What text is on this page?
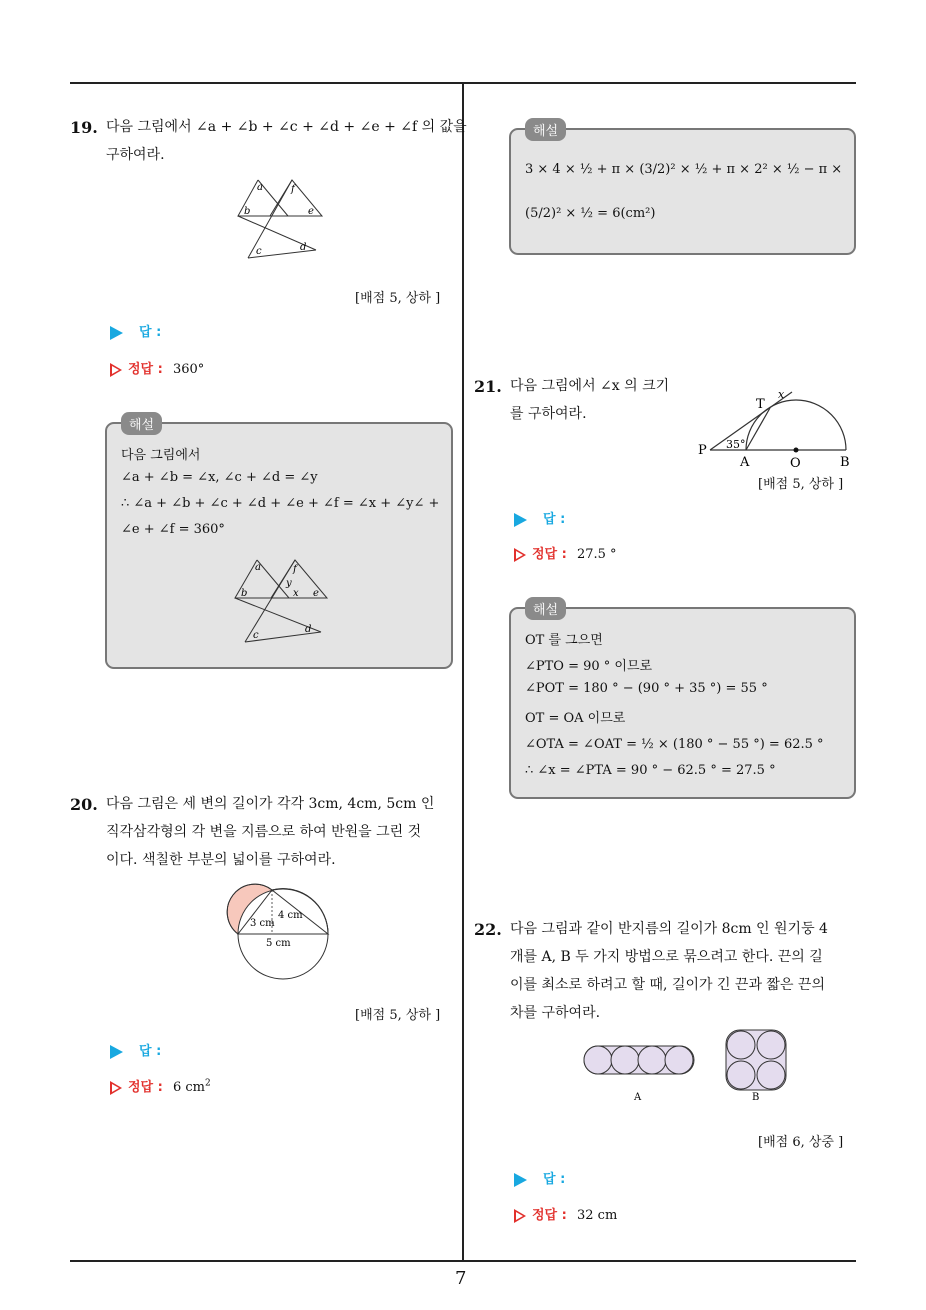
7
19. 다음 그림에서 ∠a + ∠b + ∠c + ∠d + ∠e + ∠f 의 값을
구하여라.
a	f
b	e
c	d
[배점 5, 상하 ]
답 :
정답 : 360°
해설
다음 그림에서
∠a + ∠b = ∠x, ∠c + ∠d = ∠y
∴ ∠a + ∠b + ∠c + ∠d + ∠e + ∠f = ∠x + ∠y∠ +
∠e + ∠f = 360°
a	f
y
b	x e
c
d
20. 다음 그림은 세 변의 길이가 각각 3cm, 4cm, 5cm 인
직각삼각형의 각 변을 지름으로 하여 반원을 그린 것
이다. 색칠한 부분의 넓이를 구하여라.
4 cm
3 cm
5 cm
[배점 5, 상하 ]
답 :
정답 : 6 $cm^2$
해설
3 × 4 × ½ + π × (3/2)² × ½ + π × 2² × ½ − π ×
(5/2)² × ½ = 6(cm²)
21. 다음 그림에서 ∠x 의 크기
를 구하여라.
T
x
P 35°
A	O	B
[배점 5, 상하 ]
답 :
정답 : 27.5 °
해설
OT 를 그으면
∠PTO = 90 ° 이므로
∠POT = 180 ° − (90 ° + 35 °) = 55 °
OT = OA 이므로
∠OTA = ∠OAT = ½ × (180 ° − 55 °) = 62.5 °
∴ ∠x = ∠PTA = 90 ° − 62.5 ° = 27.5 °
22. 다음 그림과 같이 반지름의 길이가 8cm 인 원기둥 4
개를 A, B 두 가지 방법으로 묶으려고 한다. 끈의 길
이를 최소로 하려고 할 때, 길이가 긴 끈과 짧은 끈의
차를 구하여라.
A	B
[배점 6, 상중 ]
답 :
정답 : 32 cm
